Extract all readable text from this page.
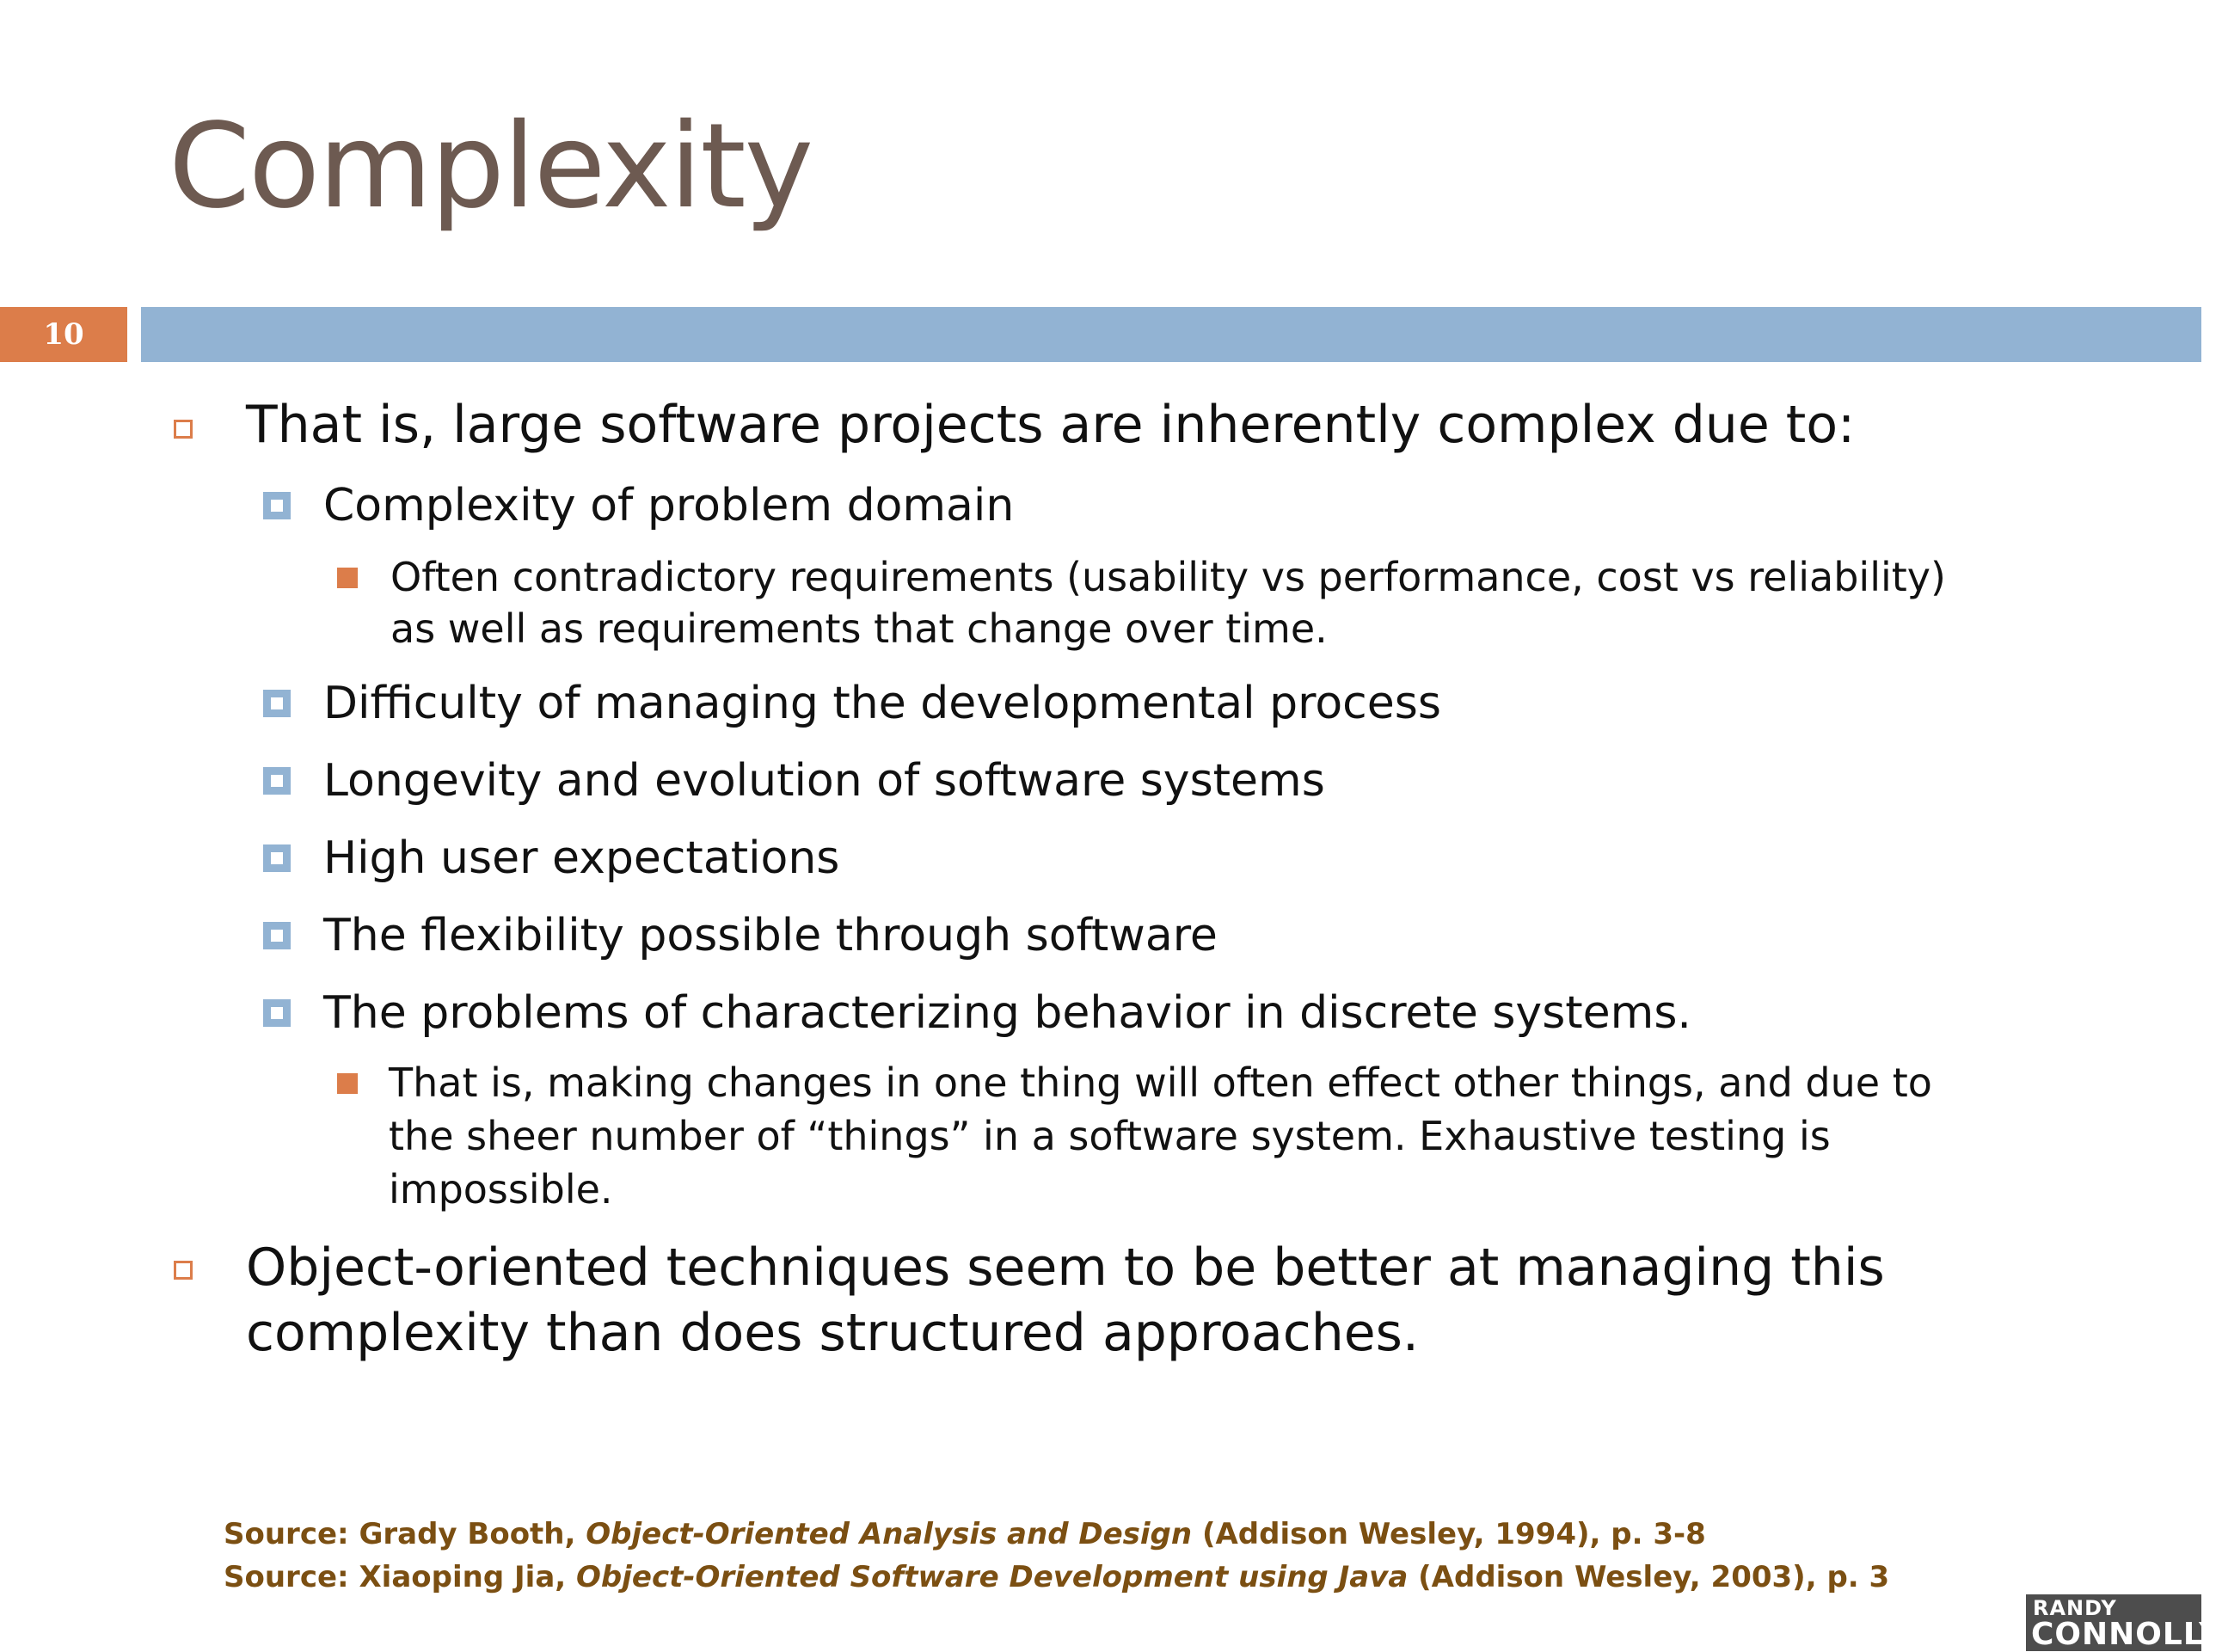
Complexity
10
That is, large software projects are inherently complex due to:
Complexity of problem domain
Often contradictory requirements (usability vs performance, cost vs reliability)
as well as requirements that change over time.
Difficulty of managing the developmental process
Longevity and evolution of software systems
High user expectations
The flexibility possible through software
The problems of characterizing behavior in discrete systems.
That is, making changes in one thing will often effect other things, and due to
the sheer number of “things” in a software system. Exhaustive testing is
impossible.
Object-oriented techniques seem to be better at managing this
complexity than does structured approaches.
Source: Grady Booth, Object-Oriented Analysis and Design (Addison Wesley, 1994), p. 3-8
Source: Xiaoping Jia, Object-Oriented Software Development using Java (Addison Wesley, 2003), p. 3
RANDY
CONNOLLY
